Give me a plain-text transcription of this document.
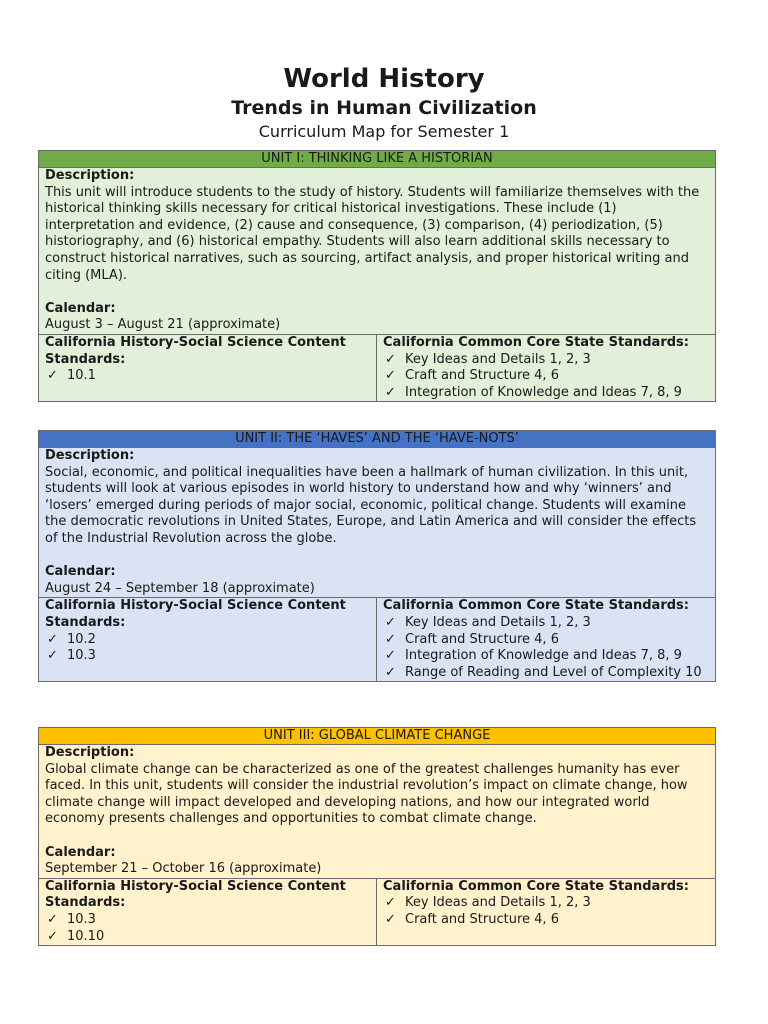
World History

Trends in Human Civilization

Curriculum Map for Semester 1

UNIT I: THINKING LIKE A HISTORIAN

Description:

This unit will introduce students to the study of history. Students will familiarize themselves with the historical thinking skills necessary for critical historical investigations. These include (1) interpretation and evidence, (2) cause and consequence, (3) comparison, (4) periodization, (5) historiography, and (6) historical empathy. Students will also learn additional skills necessary to construct historical narratives, such as sourcing, artifact analysis, and proper historical writing and citing (MLA).

Calendar:

August 3 – August 21 (approximate)

California History-Social Science Content Standards:
✓ 10.1

California Common Core State Standards:
✓ Key Ideas and Details 1, 2, 3
✓ Craft and Structure 4, 6
✓ Integration of Knowledge and Ideas 7, 8, 9
UNIT II: THE ‘HAVES’ AND THE ‘HAVE-NOTS’

Description:

Social, economic, and political inequalities have been a hallmark of human civilization. In this unit, students will look at various episodes in world history to understand how and why ‘winners’ and ‘losers’ emerged during periods of major social, economic, political change. Students will examine the democratic revolutions in United States, Europe, and Latin America and will consider the effects of the Industrial Revolution across the globe.

Calendar:

August 24 – September 18 (approximate)

California History-Social Science Content Standards:
✓ 10.2
✓ 10.3

California Common Core State Standards:
✓ Key Ideas and Details 1, 2, 3
✓ Craft and Structure 4, 6
✓ Integration of Knowledge and Ideas 7, 8, 9
✓ Range of Reading and Level of Complexity 10
UNIT III: GLOBAL CLIMATE CHANGE

Description:

Global climate change can be characterized as one of the greatest challenges humanity has ever faced. In this unit, students will consider the industrial revolution’s impact on climate change, how climate change will impact developed and developing nations, and how our integrated world economy presents challenges and opportunities to combat climate change.

Calendar:

September 21 – October 16 (approximate)

California History-Social Science Content Standards:
✓ 10.3
✓ 10.10

California Common Core State Standards:
✓ Key Ideas and Details 1, 2, 3
✓ Craft and Structure 4, 6
